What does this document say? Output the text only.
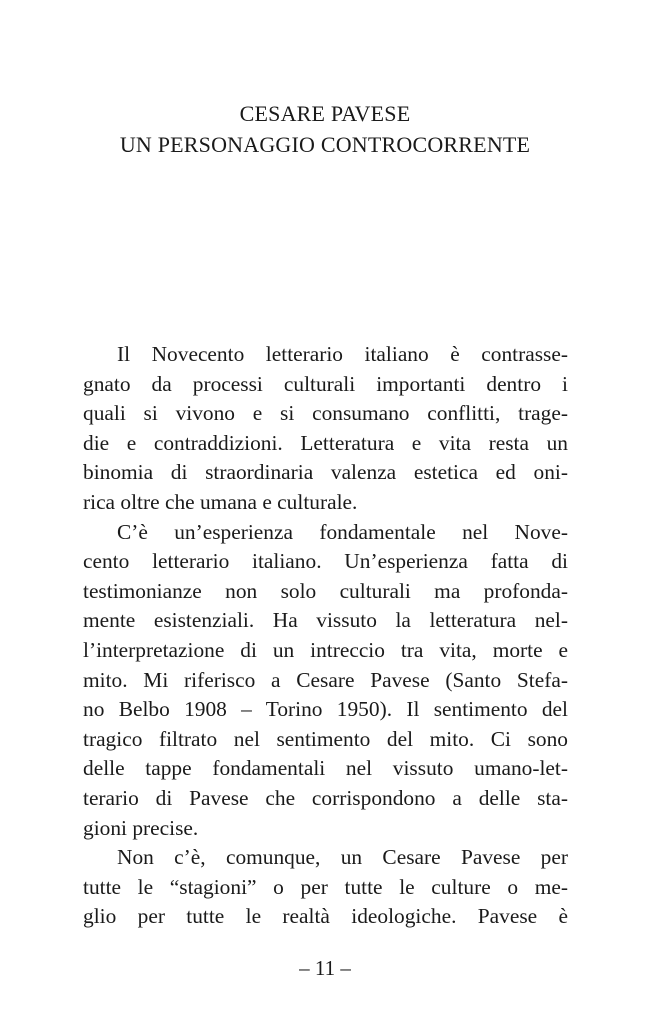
CESARE PAVESE
UN PERSONAGGIO CONTROCORRENTE
Il Novecento letterario italiano è contrasse-
gnato da processi culturali importanti dentro i
quali si vivono e si consumano conflitti, trage-
die e contraddizioni. Letteratura e vita resta un
binomia di straordinaria valenza estetica ed oni-
rica oltre che umana e culturale.
C’è un’esperienza fondamentale nel Nove-
cento letterario italiano. Un’esperienza fatta di
testimonianze non solo culturali ma profonda-
mente esistenziali. Ha vissuto la letteratura nel-
l’interpretazione di un intreccio tra vita, morte e
mito. Mi riferisco a Cesare Pavese (Santo Stefa-
no Belbo 1908 – Torino 1950). Il sentimento del
tragico filtrato nel sentimento del mito. Ci sono
delle tappe fondamentali nel vissuto umano-let-
terario di Pavese che corrispondono a delle sta-
gioni precise.
Non c’è, comunque, un Cesare Pavese per
tutte le “stagioni” o per tutte le culture o me-
glio per tutte le realtà ideologiche. Pavese è
– 11 –
